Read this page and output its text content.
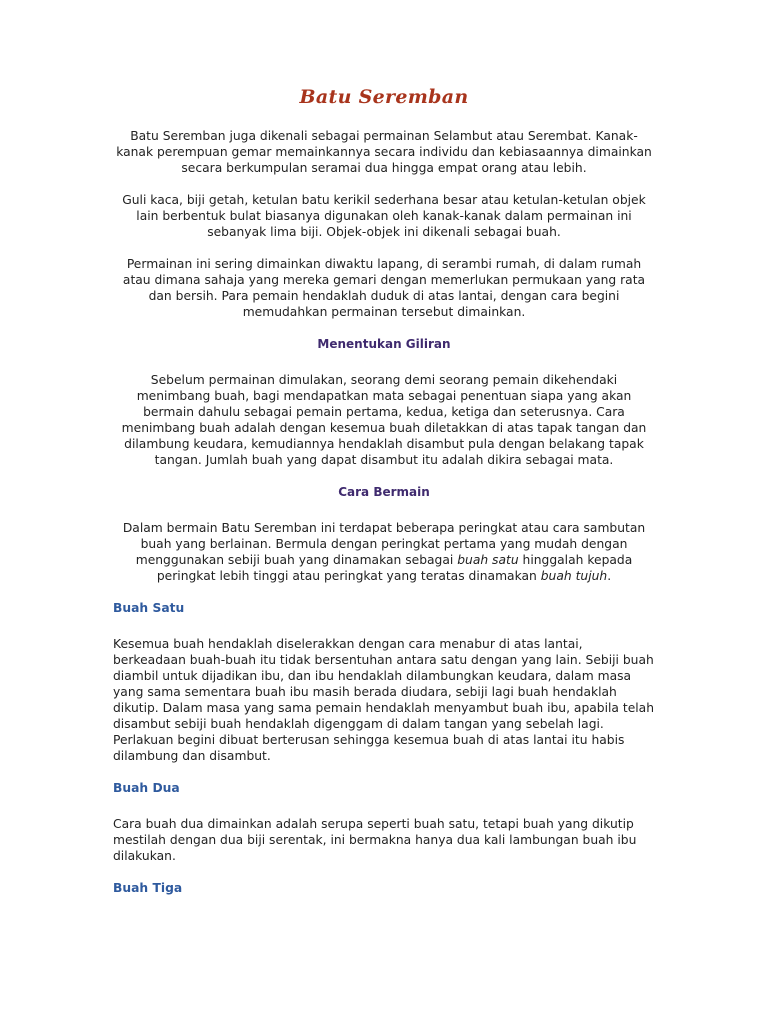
Batu Seremban

Batu Seremban juga dikenali sebagai permainan Selambut atau Serembat. Kanak-kanak perempuan gemar memainkannya secara individu dan kebiasaannya dimainkan secara berkumpulan seramai dua hingga empat orang atau lebih.

Guli kaca, biji getah, ketulan batu kerikil sederhana besar atau ketulan-ketulan objek lain berbentuk bulat biasanya digunakan oleh kanak-kanak dalam permainan ini sebanyak lima biji. Objek-objek ini dikenali sebagai buah.

Permainan ini sering dimainkan diwaktu lapang, di serambi rumah, di dalam rumah atau dimana sahaja yang mereka gemari dengan memerlukan permukaan yang rata dan bersih. Para pemain hendaklah duduk di atas lantai, dengan cara begini memudahkan permainan tersebut dimainkan.

Menentukan Giliran

Sebelum permainan dimulakan, seorang demi seorang pemain dikehendaki menimbang buah, bagi mendapatkan mata sebagai penentuan siapa yang akan bermain dahulu sebagai pemain pertama, kedua, ketiga dan seterusnya. Cara menimbang buah adalah dengan kesemua buah diletakkan di atas tapak tangan dan dilambung keudara, kemudiannya hendaklah disambut pula dengan belakang tapak tangan. Jumlah buah yang dapat disambut itu adalah dikira sebagai mata.

Cara Bermain

Dalam bermain Batu Seremban ini terdapat beberapa peringkat atau cara sambutan buah yang berlainan. Bermula dengan peringkat pertama yang mudah dengan menggunakan sebiji buah yang dinamakan sebagai buah satu hinggalah kepada peringkat lebih tinggi atau peringkat yang teratas dinamakan buah tujuh.

Buah Satu

Kesemua buah hendaklah diselerakkan dengan cara menabur di atas lantai, berkeadaan buah-buah itu tidak bersentuhan antara satu dengan yang lain. Sebiji buah diambil untuk dijadikan ibu, dan ibu hendaklah dilambungkan keudara, dalam masa yang sama sementara buah ibu masih berada diudara, sebiji lagi buah hendaklah dikutip. Dalam masa yang sama pemain hendaklah menyambut buah ibu, apabila telah disambut sebiji buah hendaklah digenggam di dalam tangan yang sebelah lagi. Perlakuan begini dibuat berterusan sehingga kesemua buah di atas lantai itu habis dilambung dan disambut.

Buah Dua

Cara buah dua dimainkan adalah serupa seperti buah satu, tetapi buah yang dikutip mestilah dengan dua biji serentak, ini bermakna hanya dua kali lambungan buah ibu dilakukan.

Buah Tiga
